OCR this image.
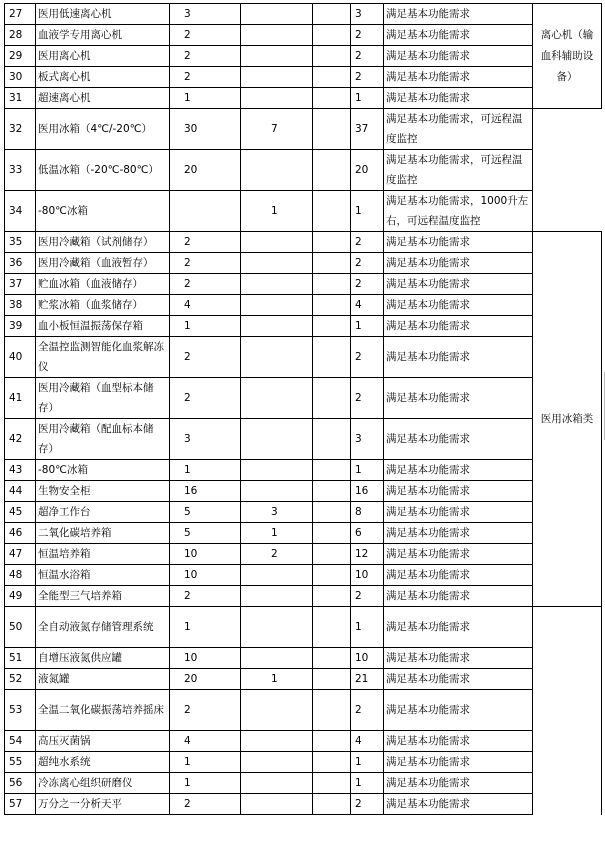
27	医用低速离心机	3			3	满足基本功能需求	离心机（输血科辅助设备）	
28	血液学专用离心机	2			2	满足基本功能需求		
29	医用离心机	2			2	满足基本功能需求		
30	板式离心机	2			2	满足基本功能需求		
31	超速离心机	1			1	满足基本功能需求		
32	医用冰箱（4℃/-20℃）	30	7		37	满足基本功能需求，可远程温度监控		
33	低温冰箱（-20℃-80℃）	20			20	满足基本功能需求，可远程温度监控		
34	-80℃冰箱		1		1	满足基本功能需求，1000升左右，可远程温度监控		
35	医用冷藏箱（试剂储存）	2			2	满足基本功能需求	医用冰箱类	
36	医用冷藏箱（血液暂存）	2			2	满足基本功能需求		
37	贮血冰箱（血液储存）	2			2	满足基本功能需求		
38	贮浆冰箱（血浆储存）	4			4	满足基本功能需求		
39	血小板恒温振荡保存箱	1			1	满足基本功能需求		
40	全温控监测智能化血浆解冻仪	2			2	满足基本功能需求		
41	医用冷藏箱（血型标本储存）	2			2	满足基本功能需求		
42	医用冷藏箱（配血标本储存）	3			3	满足基本功能需求		
43	-80℃冰箱	1			1	满足基本功能需求	
44	生物安全柜	16			16	满足基本功能需求		
45	超净工作台	5	3		8	满足基本功能需求		
46	二氧化碳培养箱	5	1		6	满足基本功能需求		
47	恒温培养箱	10	2		12	满足基本功能需求		
48	恒温水浴箱	10			10	满足基本功能需求		
49	全能型三气培养箱	2			2	满足基本功能需求		
50	全自动液氮存储管理系统	1			1	满足基本功能需求		
51	自增压液氮供应罐	10			10	满足基本功能需求		
52	液氮罐	20	1		21	满足基本功能需求		
53	全温二氧化碳振荡培养摇床	2			2	满足基本功能需求		
54	高压灭菌锅	4			4	满足基本功能需求		
55	超纯水系统	1			1	满足基本功能需求		
56	冷冻离心组织研磨仪	1			1	满足基本功能需求		
57	万分之一分析天平	2			2	满足基本功能需求		
